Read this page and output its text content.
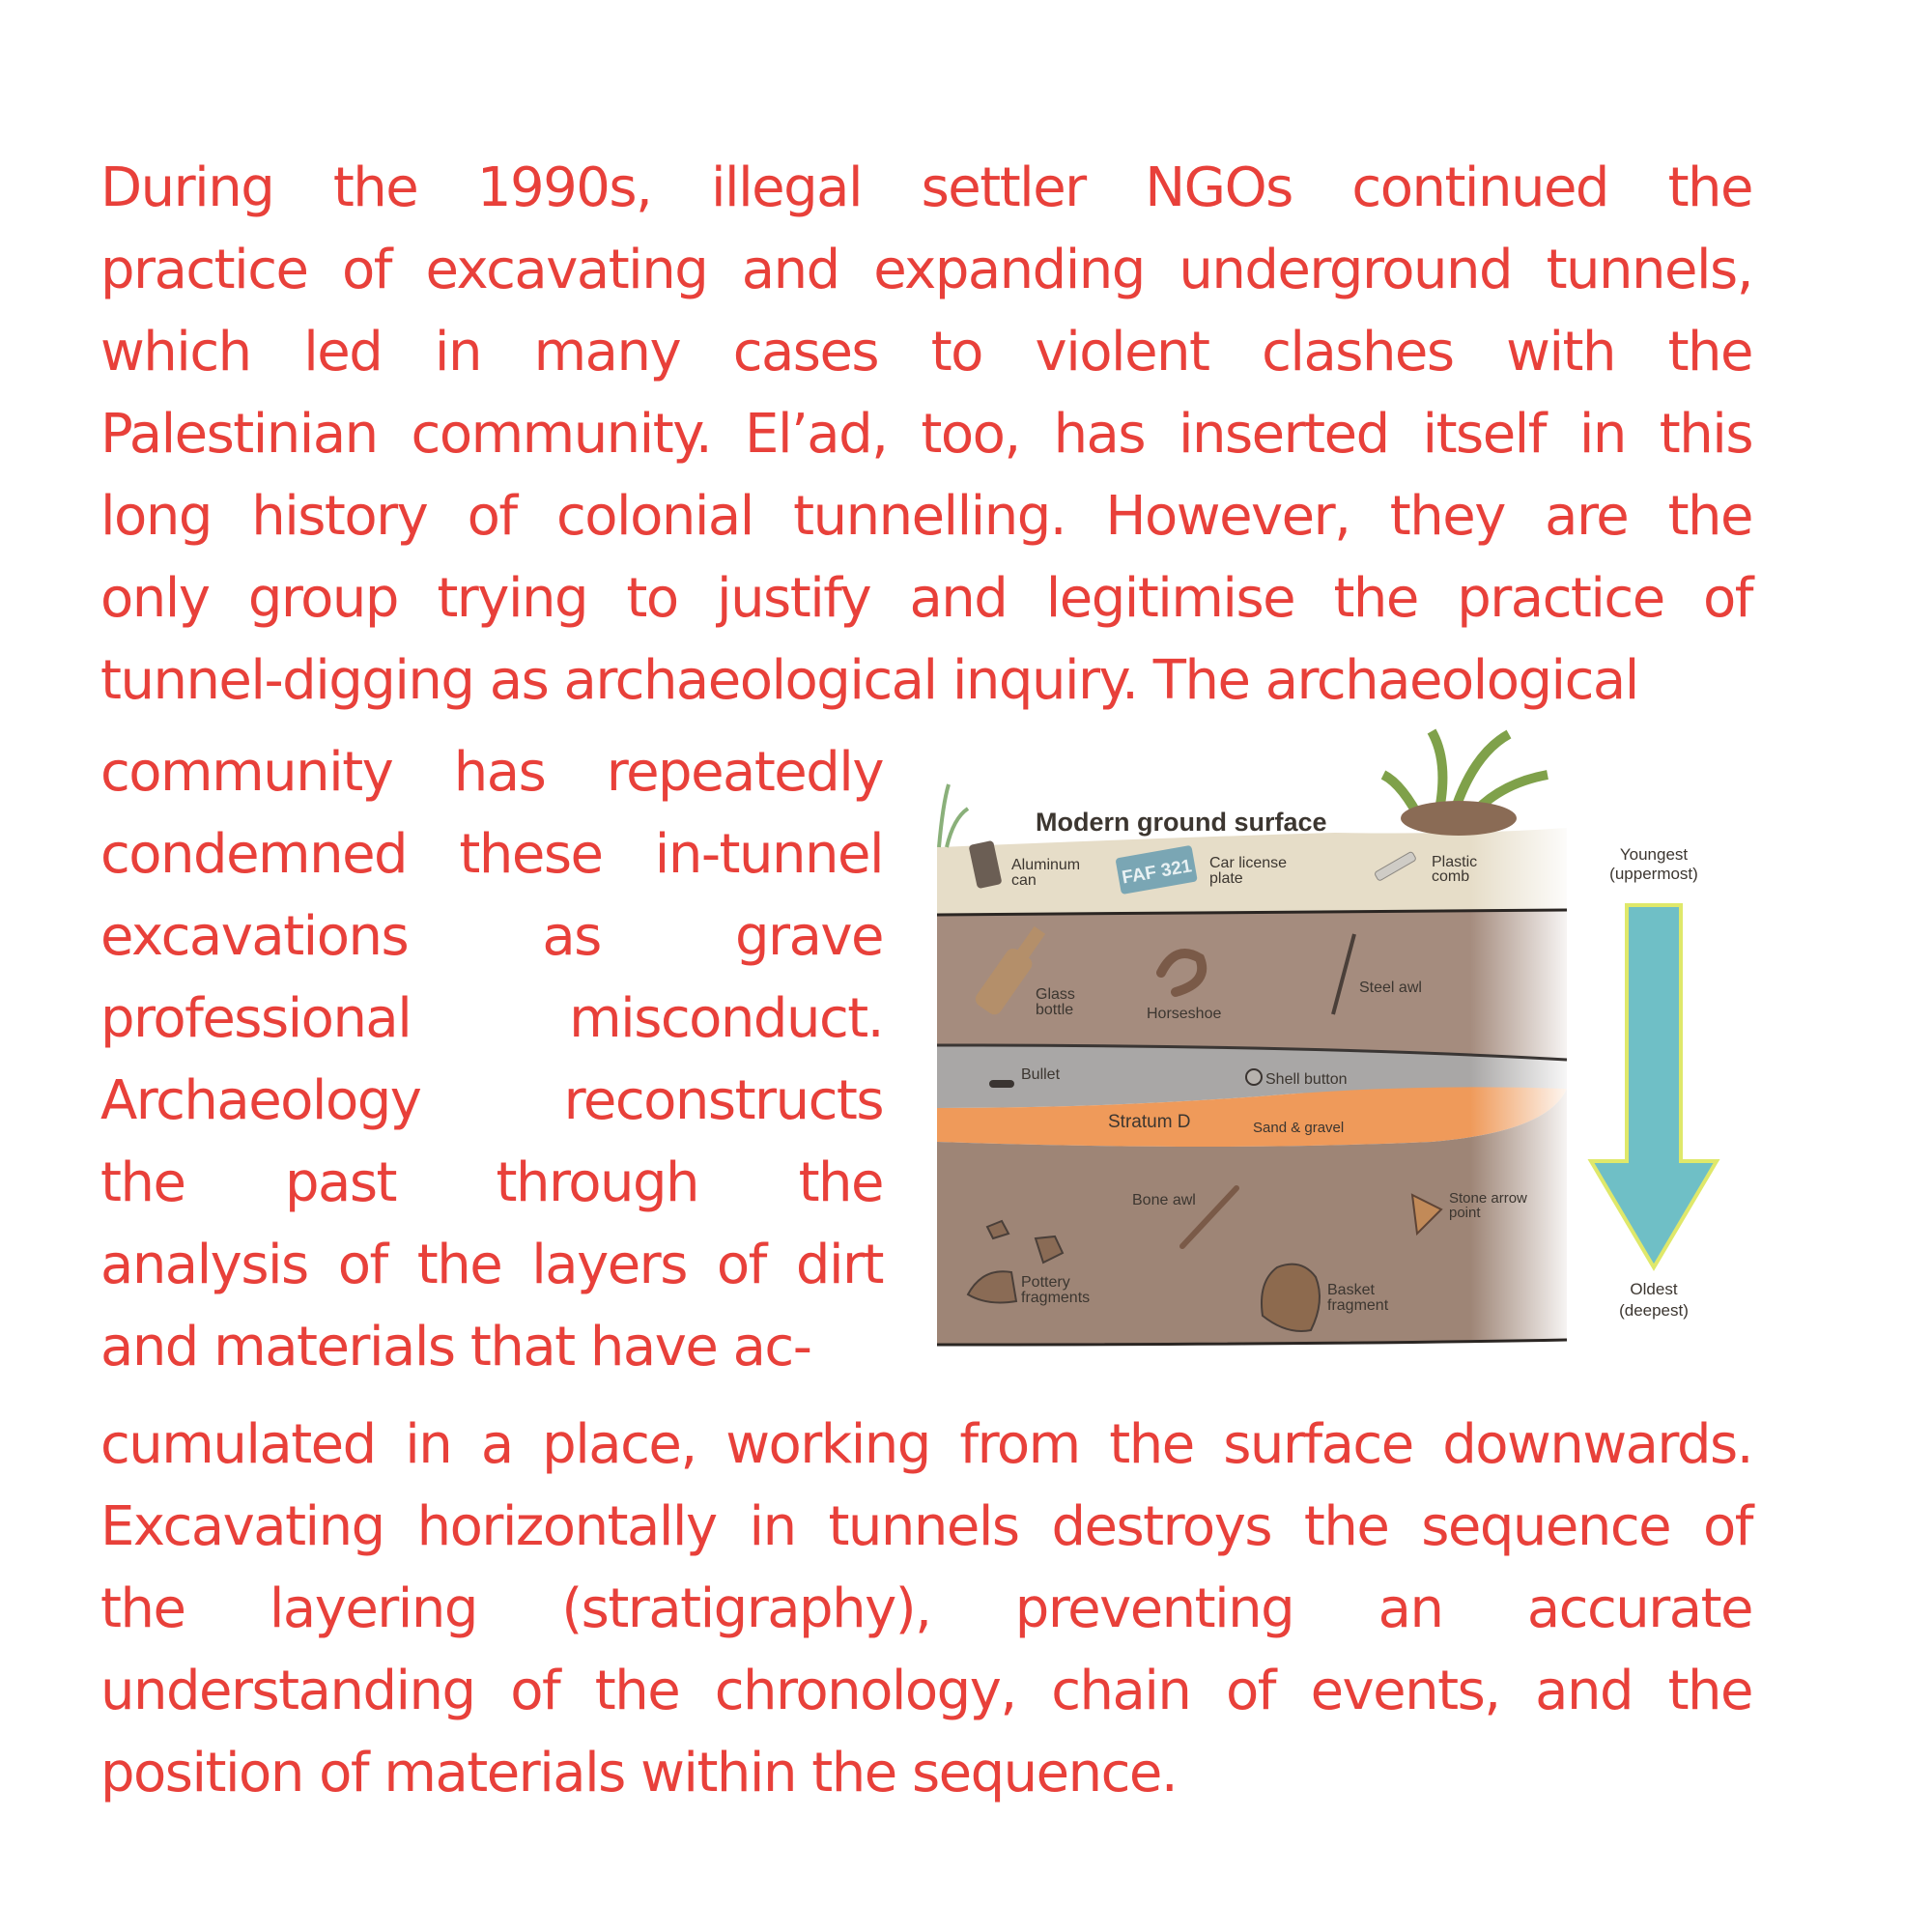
During the 1990s, illegal settler NGOs continued the
practice of excavating and expanding underground tunnels,
which led in many cases to violent clashes with the
Palestinian community. El’ad, too, has inserted itself in this
long history of colonial tunnelling. However, they are the
only group trying to justify and legitimise the practice of
tunnel-digging as archaeological inquiry. The archaeological
community has repeatedly
condemned these in-tunnel
excavations as grave
professional misconduct.
Archaeology reconstructs
the past through the
analysis of the layers of dirt
and materials that have ac-
Modern ground surface
Aluminum
can	FAF 321 Car license
plate
Plastic
comb
Glass
bottle	Horseshoe
Steel awl
Bullet	Shell button
Stratum D	Sand & gravel
Bone awl	Stone arrow
point
Pottery
fragments	Basket
fragment
Youngest
(uppermost)
Oldest
(deepest)
cumulated in a place, working from the surface downwards.
Excavating horizontally in tunnels destroys the sequence of
the layering (stratigraphy), preventing an accurate
understanding of the chronology, chain of events, and the
position of materials within the sequence.
